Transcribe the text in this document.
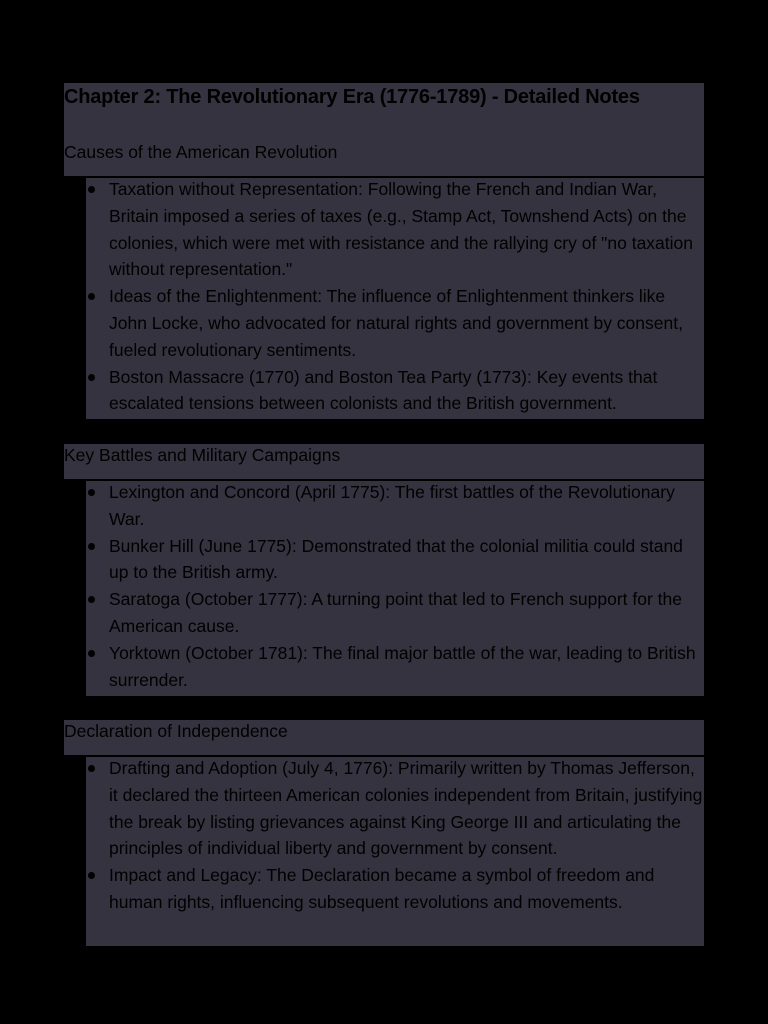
Chapter 2: The Revolutionary Era (1776-1789) - Detailed Notes
Causes of the American Revolution
Taxation without Representation: Following the French and Indian War, Britain imposed a series of taxes (e.g., Stamp Act, Townshend Acts) on the colonies, which were met with resistance and the rallying cry of "no taxation without representation."
Ideas of the Enlightenment: The influence of Enlightenment thinkers like John Locke, who advocated for natural rights and government by consent, fueled revolutionary sentiments.
Boston Massacre (1770) and Boston Tea Party (1773): Key events that escalated tensions between colonists and the British government.
Key Battles and Military Campaigns
Lexington and Concord (April 1775): The first battles of the Revolutionary War.
Bunker Hill (June 1775): Demonstrated that the colonial militia could stand up to the British army.
Saratoga (October 1777): A turning point that led to French support for the American cause.
Yorktown (October 1781): The final major battle of the war, leading to British surrender.
Declaration of Independence
Drafting and Adoption (July 4, 1776): Primarily written by Thomas Jefferson, it declared the thirteen American colonies independent from Britain, justifying the break by listing grievances against King George III and articulating the principles of individual liberty and government by consent.
Impact and Legacy: The Declaration became a symbol of freedom and human rights, influencing subsequent revolutions and movements.
